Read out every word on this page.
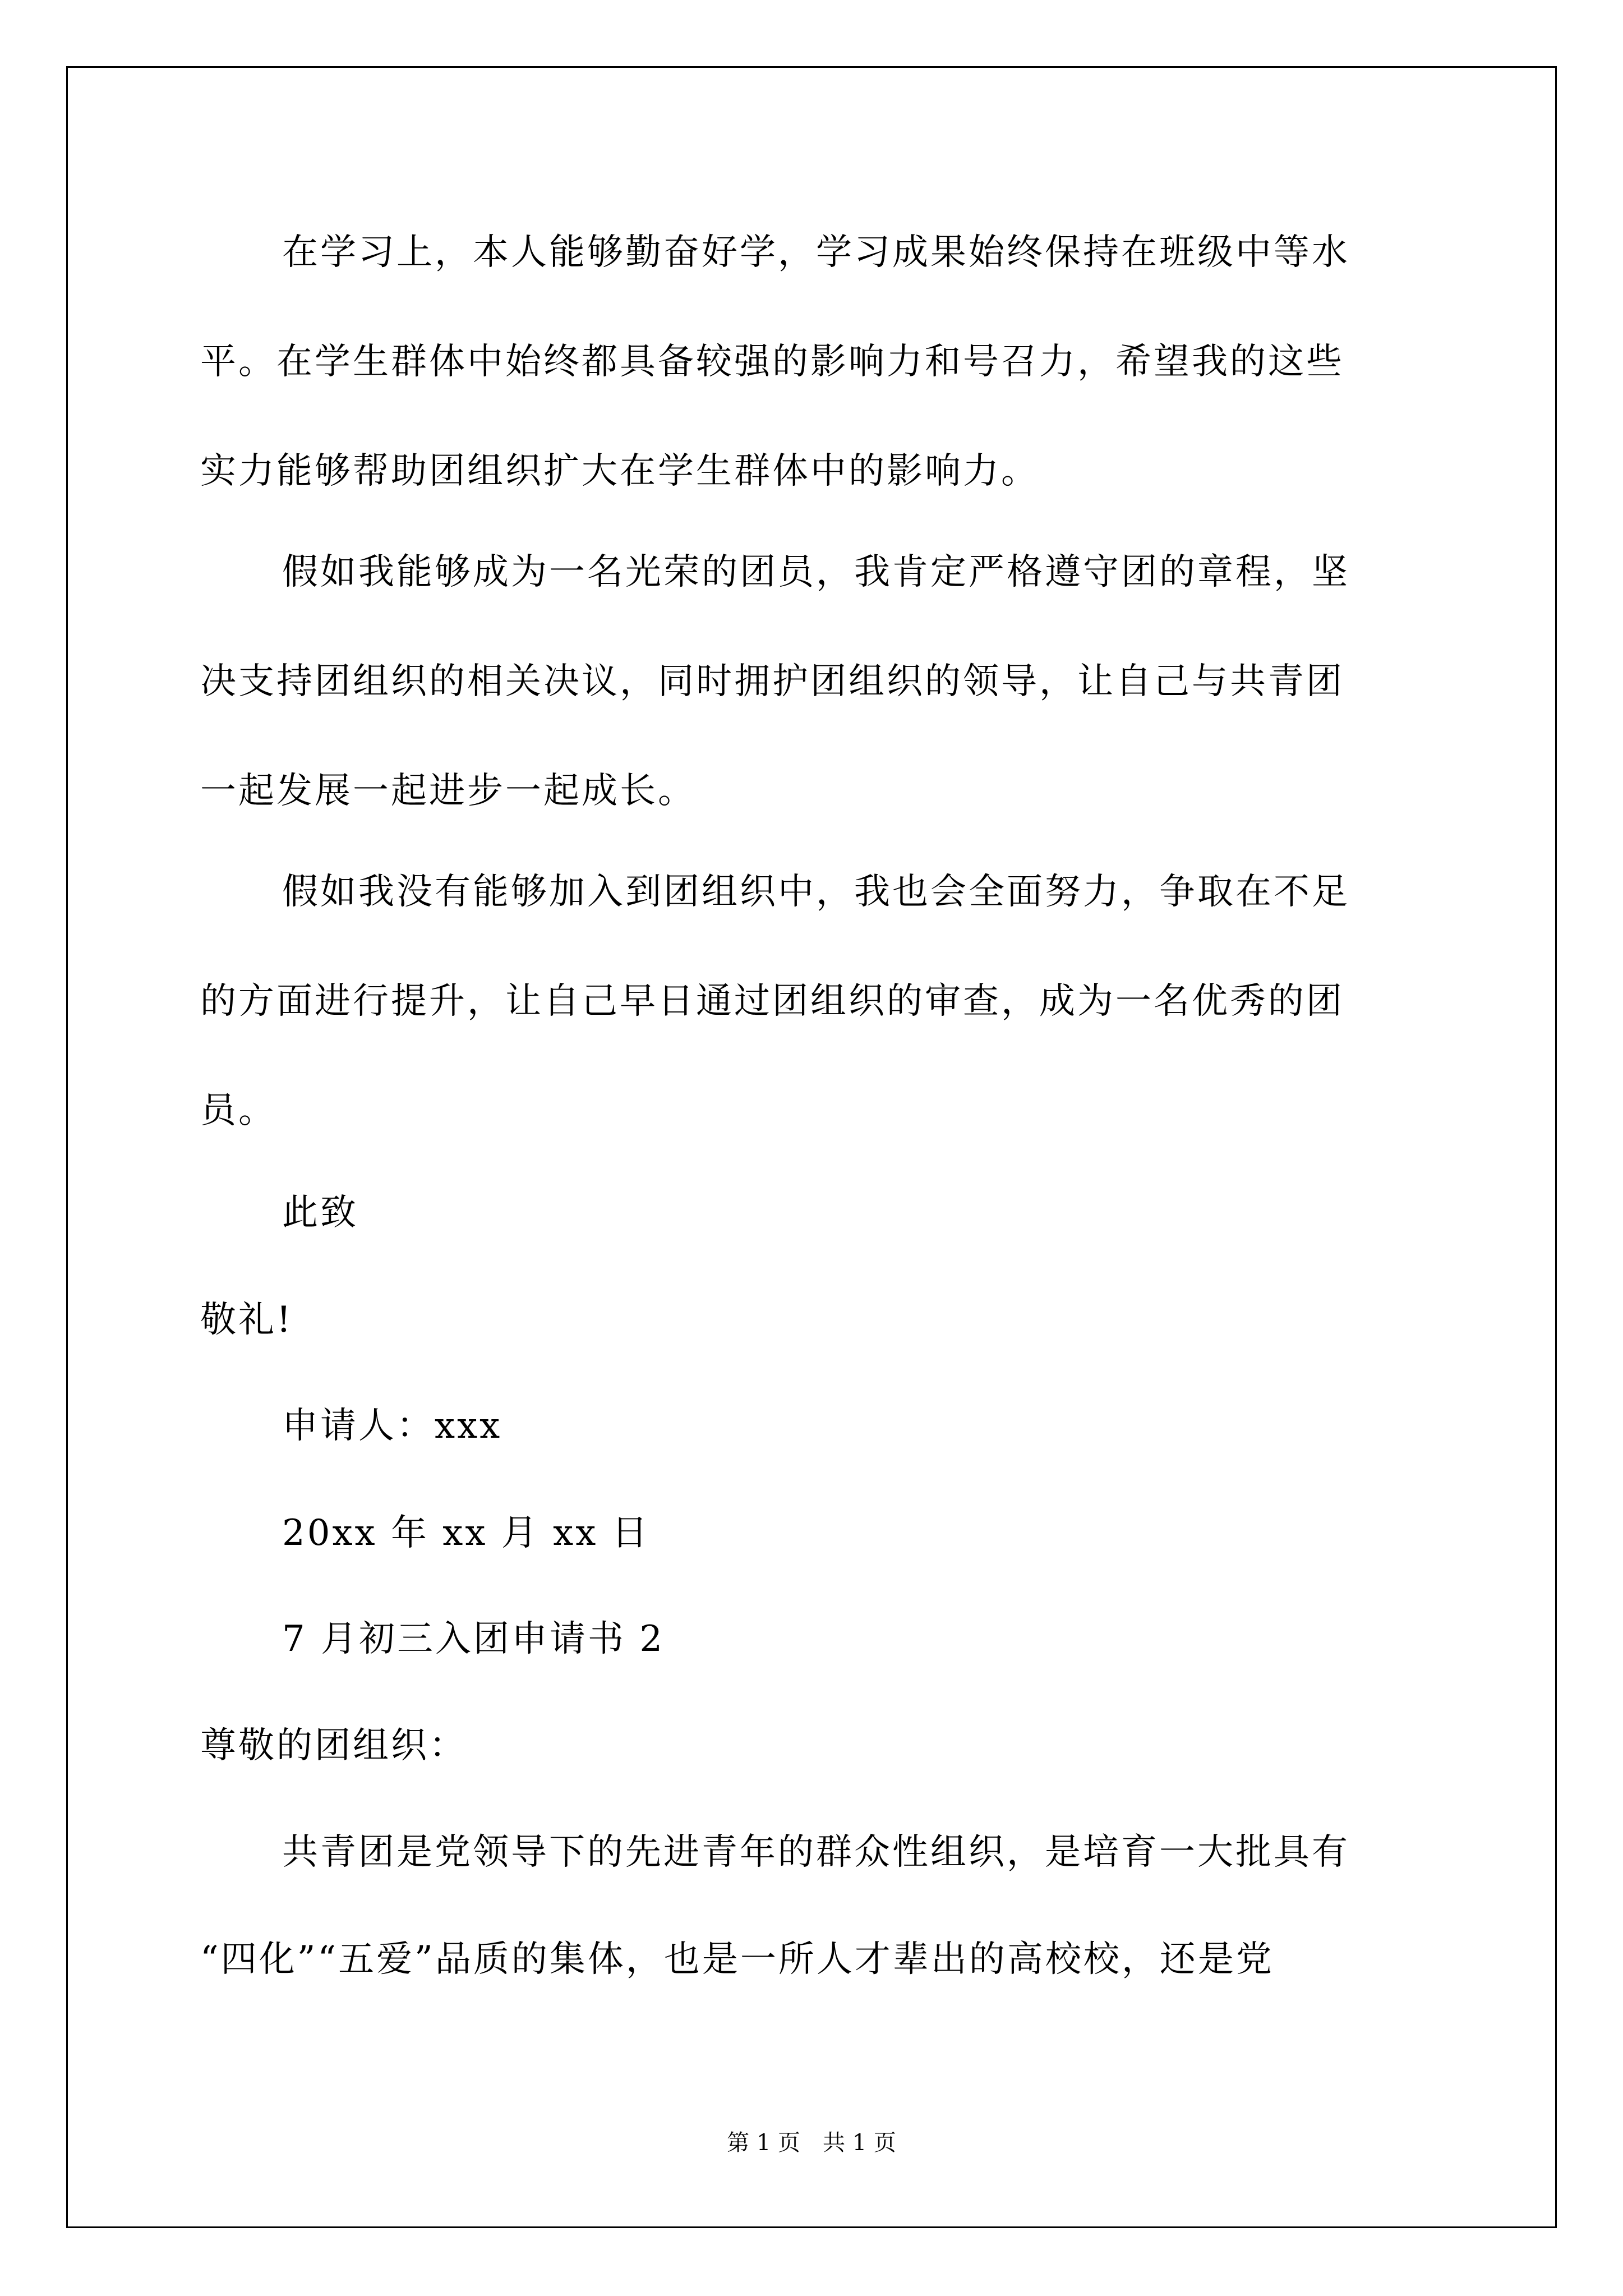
在学习上，本人能够勤奋好学，学习成果始终保持在班级中等水
平。在学生群体中始终都具备较强的影响力和号召力，希望我的这些
实力能够帮助团组织扩大在学生群体中的影响力。
假如我能够成为一名光荣的团员，我肯定严格遵守团的章程，坚
决支持团组织的相关决议，同时拥护团组织的领导，让自己与共青团
一起发展一起进步一起成长。
假如我没有能够加入到团组织中，我也会全面努力，争取在不足
的方面进行提升，让自己早日通过团组织的审查，成为一名优秀的团
员。
此致
敬礼!
申请人：xxx
20xx 年 xx 月 xx 日
7 月初三入团申请书 2
尊敬的团组织：
共青团是党领导下的先进青年的群众性组织，是培育一大批具有
“四化”“五爱”品质的集体，也是一所人才辈出的高校校，还是党
第 1 页　共 1 页
